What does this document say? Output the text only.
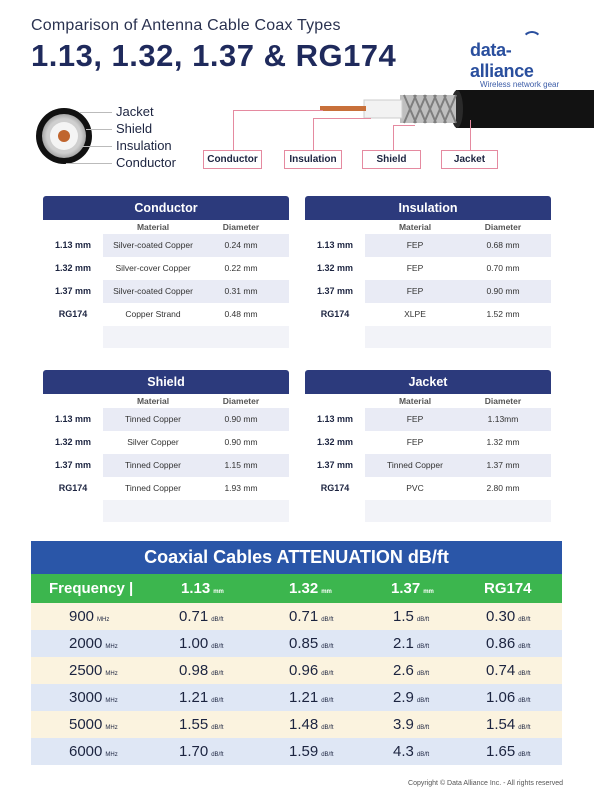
Comparison of Antenna Cable Coax Types
1.13, 1.32, 1.37 & RG174	data-alliance
Wireless network gear
Jacket
Shield
Insulation
Conductor	Conductor	Insulation	Shield	Jacket
Conductor
Material	Diameter
1.13 mm	Silver-coated Copper	0.24 mm
1.32 mm	Silver-cover Copper	0.22 mm
1.37 mm	Silver-coated Copper	0.31 mm
RG174	Copper Strand	0.48 mm
Insulation
Material	Diameter
1.13 mm	FEP	0.68 mm
1.32 mm	FEP	0.70 mm
1.37 mm	FEP	0.90 mm
RG174	XLPE	1.52 mm
Shield
Material	Diameter
1.13 mm	Tinned Copper	0.90 mm
1.32 mm	Silver Copper	0.90 mm
1.37 mm	Tinned Copper	1.15 mm
RG174	Tinned Copper	1.93 mm
Jacket
Material	Diameter
1.13 mm	FEP	1.13mm
1.32 mm	FEP	1.32 mm
1.37 mm	Tinned Copper	1.37 mm
RG174	PVC	2.80 mm
Coaxial Cables ATTENUATION dB/ft
Frequency |	1.13 mm	1.32 mm	1.37 mm	RG174
900 MHz	0.71 dB/ft	0.71 dB/ft	1.5 dB/ft	0.30 dB/ft
2000 MHz	1.00 dB/ft	0.85 dB/ft	2.1 dB/ft	0.86 dB/ft
2500 MHz	0.98 dB/ft	0.96 dB/ft	2.6 dB/ft	0.74 dB/ft
3000 MHz	1.21 dB/ft	1.21 dB/ft	2.9 dB/ft	1.06 dB/ft
5000 MHz	1.55 dB/ft	1.48 dB/ft	3.9 dB/ft	1.54 dB/ft
6000 MHz	1.70 dB/ft	1.59 dB/ft	4.3 dB/ft	1.65 dB/ft
Copyright © Data Alliance Inc. - All rights reserved
